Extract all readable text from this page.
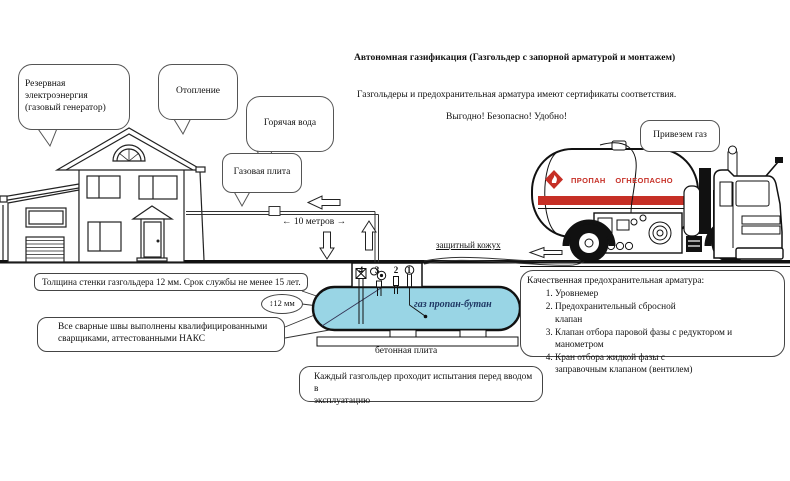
Автономная газификация (Газгольдер с запорной арматурой и монтажем)
Газгольдеры и предохранительная арматура имеют сертификаты соответствия.
Выгодно! Безопасно! Удобно!
Резервная электроэнергия (газовый генератор)
Отопление
Горячая вода
Газовая плита
Привезем газ
← 10 метров →
защитный кожух
газ пропан-бутан
бетонная плита
4	3	2 1
ПРОПАН ОГНЕОПАСНО
Толщина стенки газгольдера 12 мм. Срок службы не менее 15 лет.
↕12 мм
Все сварные швы выполнены квалифицированными
сварщиками, аттестованными НАКС
Каждый газгольдер проходит испытания перед вводом в
эксплуатацию
Качественная предохранительная арматура:
1. Уровнемер
2. Предохранительный сбросной
клапан
3. Клапан отбора паровой фазы с редуктором и манометром
4. Кран отбора жидкой фазы с
заправочным клапаном (вентилем)
